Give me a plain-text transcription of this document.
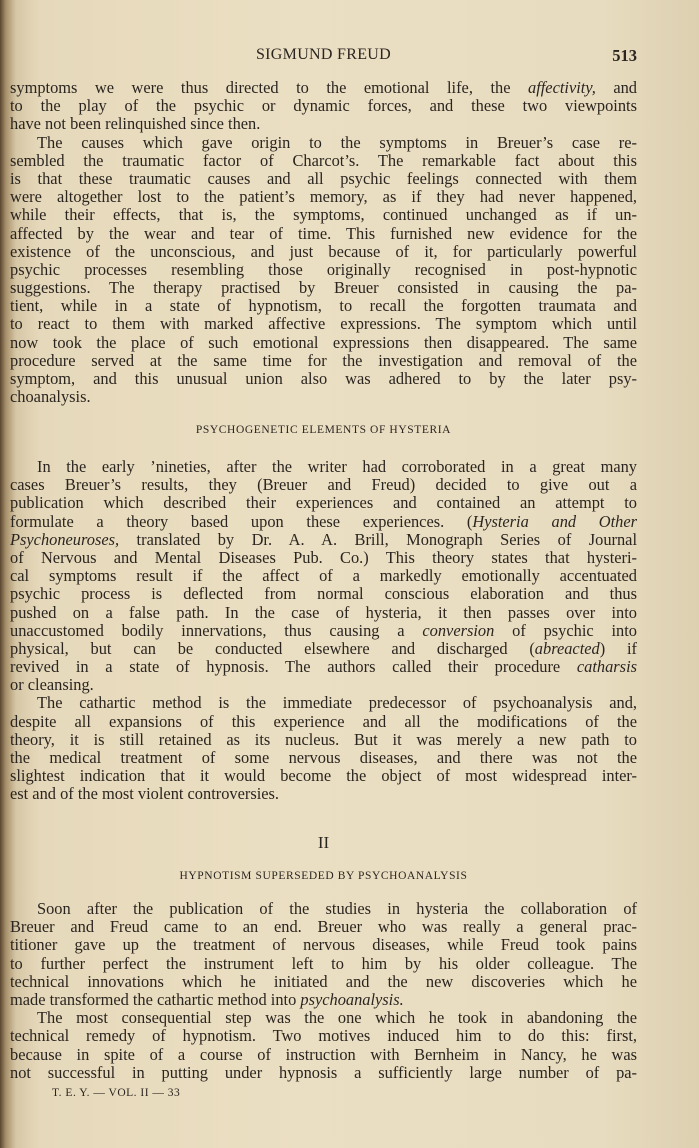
SIGMUND FREUD	513
symptoms we were thus directed to the emotional life, the affectivity, and
to the play of the psychic or dynamic forces, and these two viewpoints
have not been relinquished since then.
The causes which gave origin to the symptoms in Breuer’s case re-
sembled the traumatic factor of Charcot’s. The remarkable fact about this
is that these traumatic causes and all psychic feelings connected with them
were altogether lost to the patient’s memory, as if they had never happened,
while their effects, that is, the symptoms, continued unchanged as if un-
affected by the wear and tear of time. This furnished new evidence for the
existence of the unconscious, and just because of it, for particularly powerful
psychic processes resembling those originally recognised in post-hypnotic
suggestions. The therapy practised by Breuer consisted in causing the pa-
tient, while in a state of hypnotism, to recall the forgotten traumata and
to react to them with marked affective expressions. The symptom which until
now took the place of such emotional expressions then disappeared. The same
procedure served at the same time for the investigation and removal of the
symptom, and this unusual union also was adhered to by the later psy-
choanalysis.
PSYCHOGENETIC ELEMENTS OF HYSTERIA
In the early ’nineties, after the writer had corroborated in a great many
cases Breuer’s results, they (Breuer and Freud) decided to give out a
publication which described their experiences and contained an attempt to
formulate a theory based upon these experiences. (Hysteria and Other
Psychoneuroses, translated by Dr. A. A. Brill, Monograph Series of Journal
of Nervous and Mental Diseases Pub. Co.) This theory states that hysteri-
cal symptoms result if the affect of a markedly emotionally accentuated
psychic process is deflected from normal conscious elaboration and thus
pushed on a false path. In the case of hysteria, it then passes over into
unaccustomed bodily innervations, thus causing a conversion of psychic into
physical, but can be conducted elsewhere and discharged (abreacted) if
revived in a state of hypnosis. The authors called their procedure catharsis
or cleansing.
The cathartic method is the immediate predecessor of psychoanalysis and,
despite all expansions of this experience and all the modifications of the
theory, it is still retained as its nucleus. But it was merely a new path to
the medical treatment of some nervous diseases, and there was not the
slightest indication that it would become the object of most widespread inter-
est and of the most violent controversies.
II
HYPNOTISM SUPERSEDED BY PSYCHOANALYSIS
Soon after the publication of the studies in hysteria the collaboration of
Breuer and Freud came to an end. Breuer who was really a general prac-
titioner gave up the treatment of nervous diseases, while Freud took pains
to further perfect the instrument left to him by his older colleague. The
technical innovations which he initiated and the new discoveries which he
made transformed the cathartic method into psychoanalysis.
The most consequential step was the one which he took in abandoning the
technical remedy of hypnotism. Two motives induced him to do this: first,
because in spite of a course of instruction with Bernheim in Nancy, he was
not successful in putting under hypnosis a sufficiently large number of pa-
T. E. Y. — VOL. II — 33
